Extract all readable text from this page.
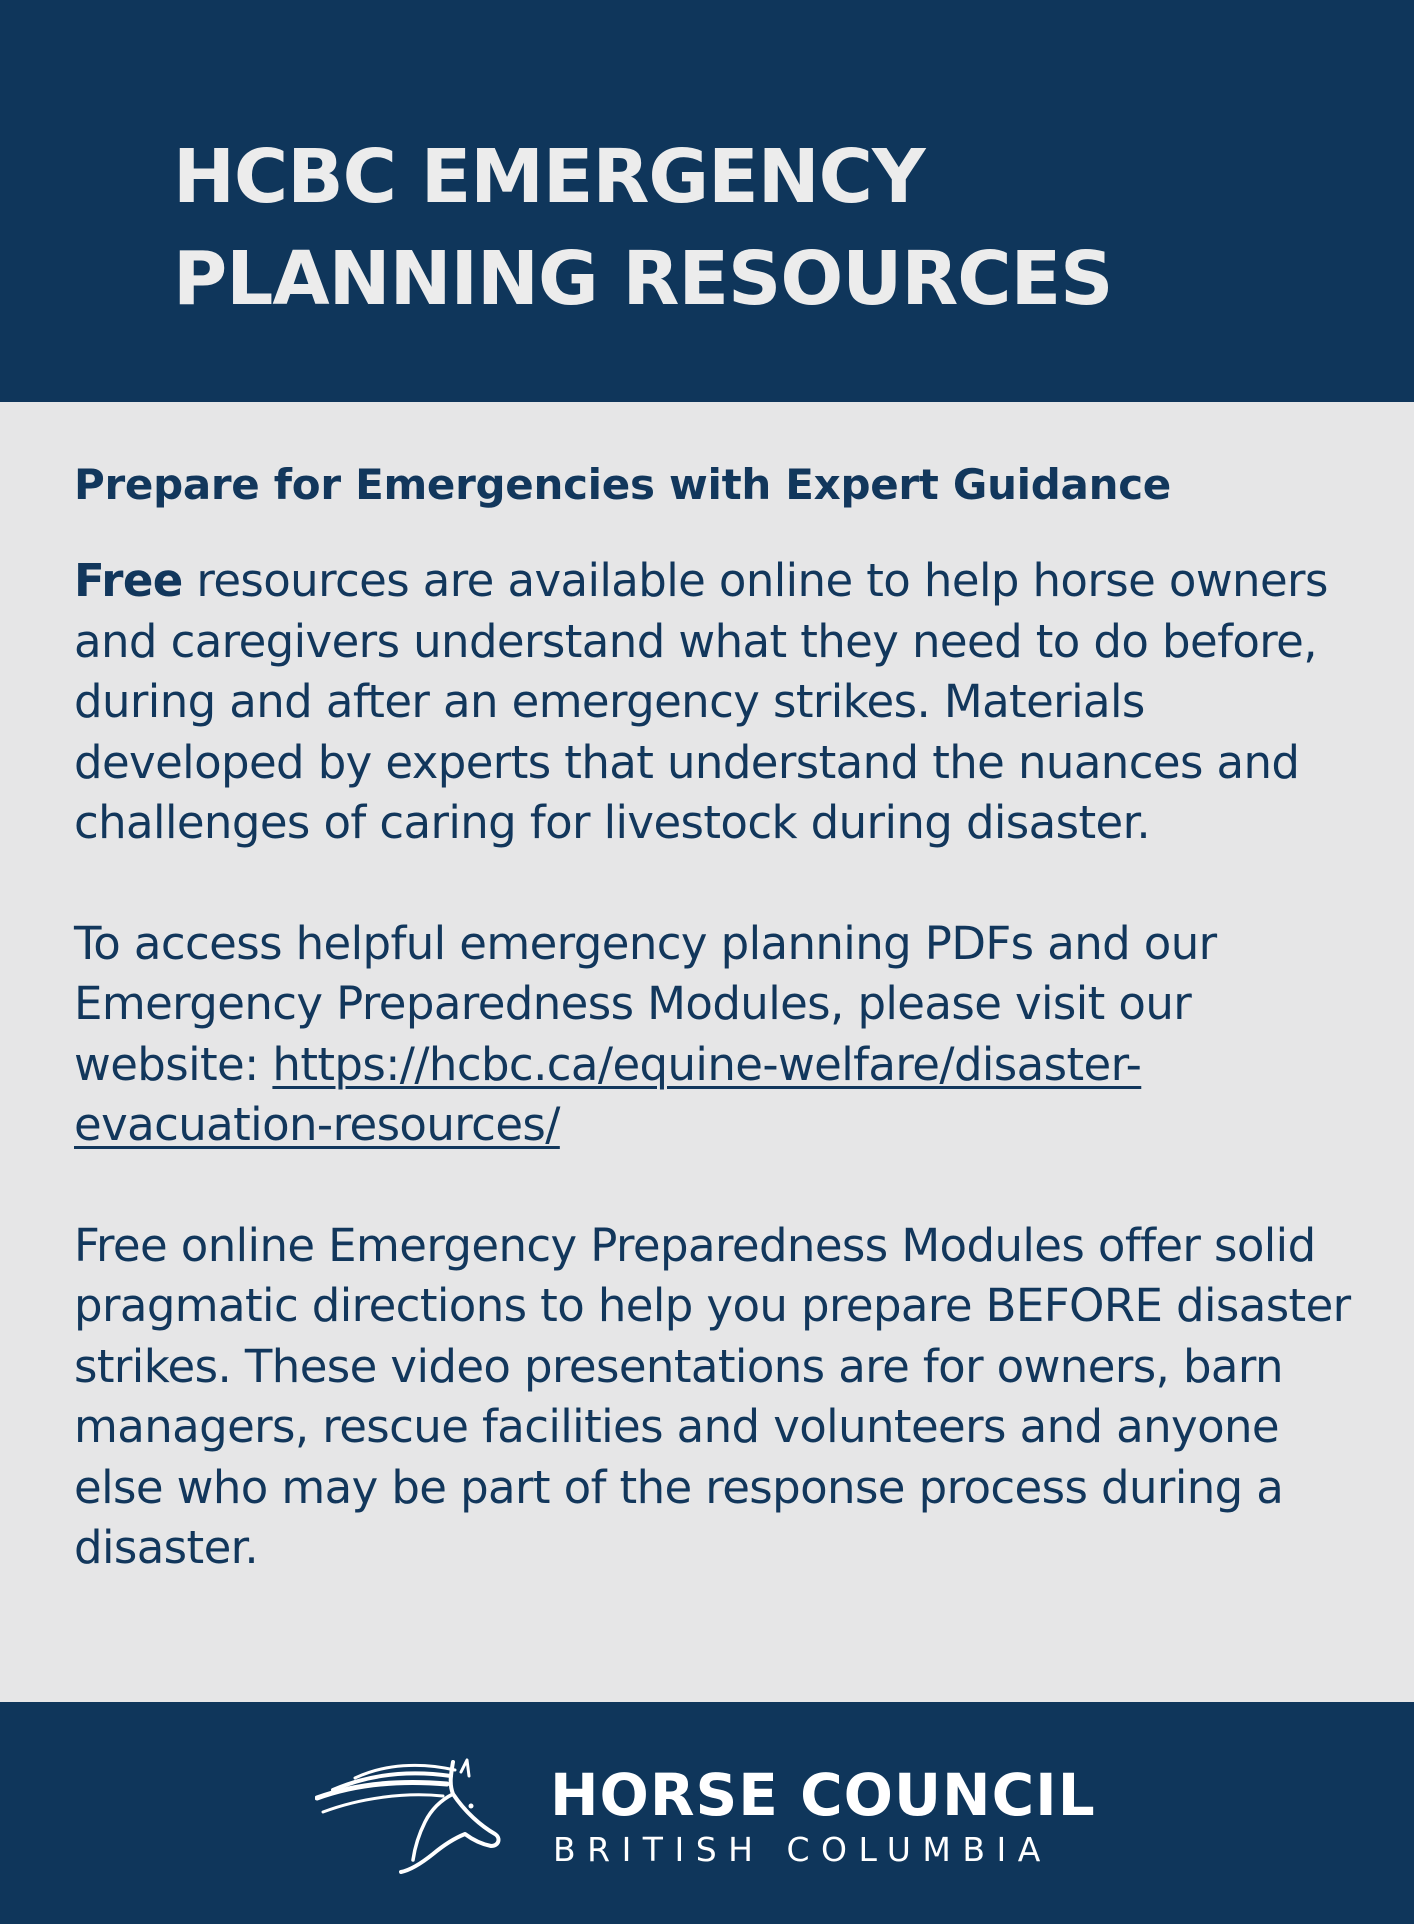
HCBC EMERGENCY
PLANNING RESOURCES
Prepare for Emergencies with Expert Guidance

Free resources are available online to help horse owners and caregivers understand what they need to do before, during and after an emergency strikes. Materials developed by experts that understand the nuances and challenges of caring for livestock during disaster.

To access helpful emergency planning PDFs and our Emergency Preparedness Modules, please visit our website: https://hcbc.ca/equine-welfare/disaster-evacuation-resources/

Free online Emergency Preparedness Modules offer solid pragmatic directions to help you prepare BEFORE disaster strikes. These video presentations are for owners, barn managers, rescue facilities and volunteers and anyone else who may be part of the response process during a disaster.

HORSE COUNCIL

BRITISH COLUMBIA
